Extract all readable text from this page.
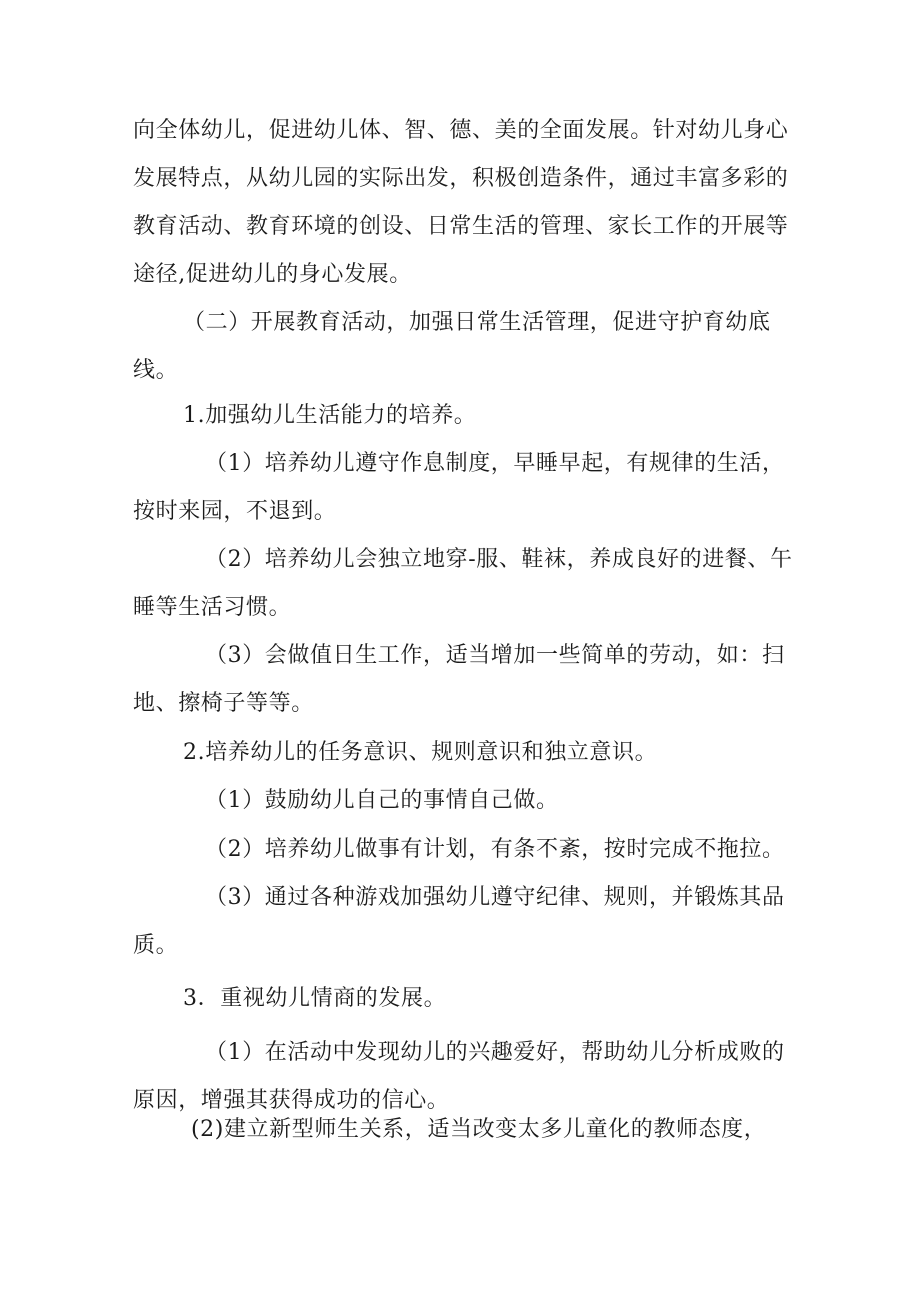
向全体幼儿，促进幼儿体、智、德、美的全面发展。针对幼儿身心发展特点，从幼儿园的实际出发，积极创造条件，通过丰富多彩的教育活动、教育环境的创设、日常生活的管理、家长工作的开展等途径,促进幼儿的身心发展。

（二）开展教育活动，加强日常生活管理，促进守护育幼底线。

1.加强幼儿生活能力的培养。

（1）培养幼儿遵守作息制度，早睡早起，有规律的生活，按时来园，不退到。

（2）培养幼儿会独立地穿-服、鞋袜，养成良好的进餐、午睡等生活习惯。

（3）会做值日生工作，适当增加一些简单的劳动，如：扫地、擦椅子等等。

2.培养幼儿的任务意识、规则意识和独立意识。

（1）鼓励幼儿自己的事情自己做。

（2）培养幼儿做事有计划，有条不紊，按时完成不拖拉。

（3）通过各种游戏加强幼儿遵守纪律、规则，并锻炼其品质。

3．重视幼儿情商的发展。

（1）在活动中发现幼儿的兴趣爱好，帮助幼儿分析成败的原因，增强其获得成功的信心。

(2)建立新型师生关系，适当改变太多儿童化的教师态度，
